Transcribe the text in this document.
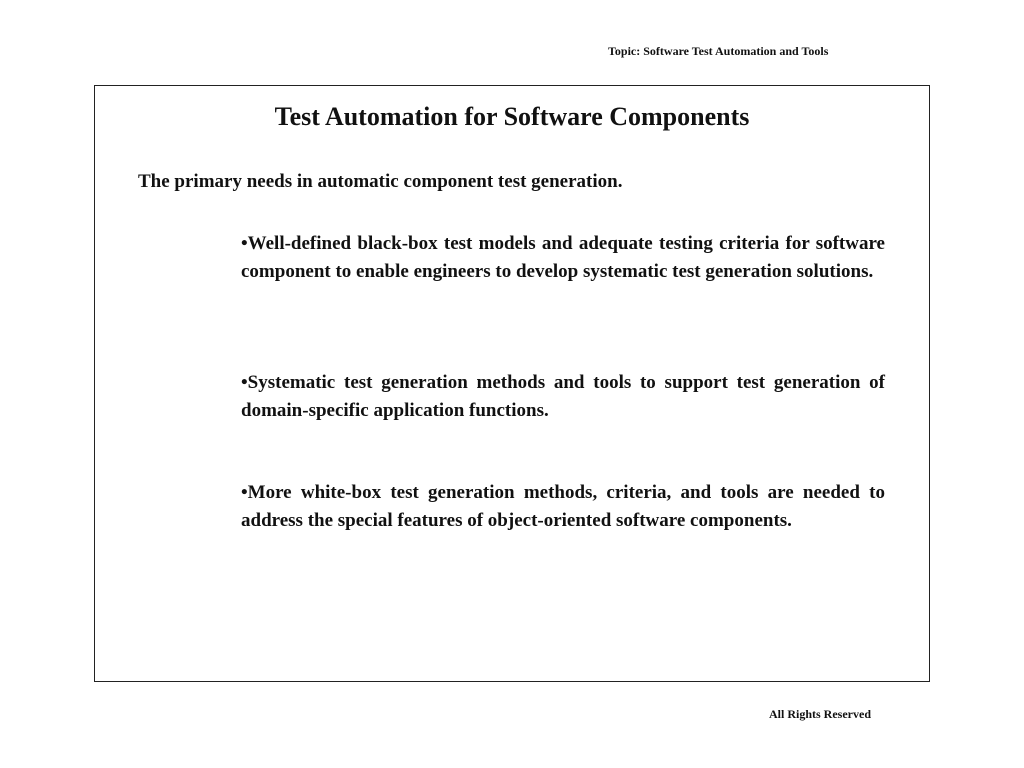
Topic: Software Test Automation and Tools
Test Automation for Software Components
The primary needs in automatic component test generation.
•Well-defined black-box test models and adequate testing criteria for software component to enable engineers to develop systematic test generation solutions.
•Systematic test generation methods and tools to support test generation of domain-specific application functions.
•More white-box test generation methods, criteria, and tools are needed to address the special features of object-oriented software components.
All Rights Reserved
